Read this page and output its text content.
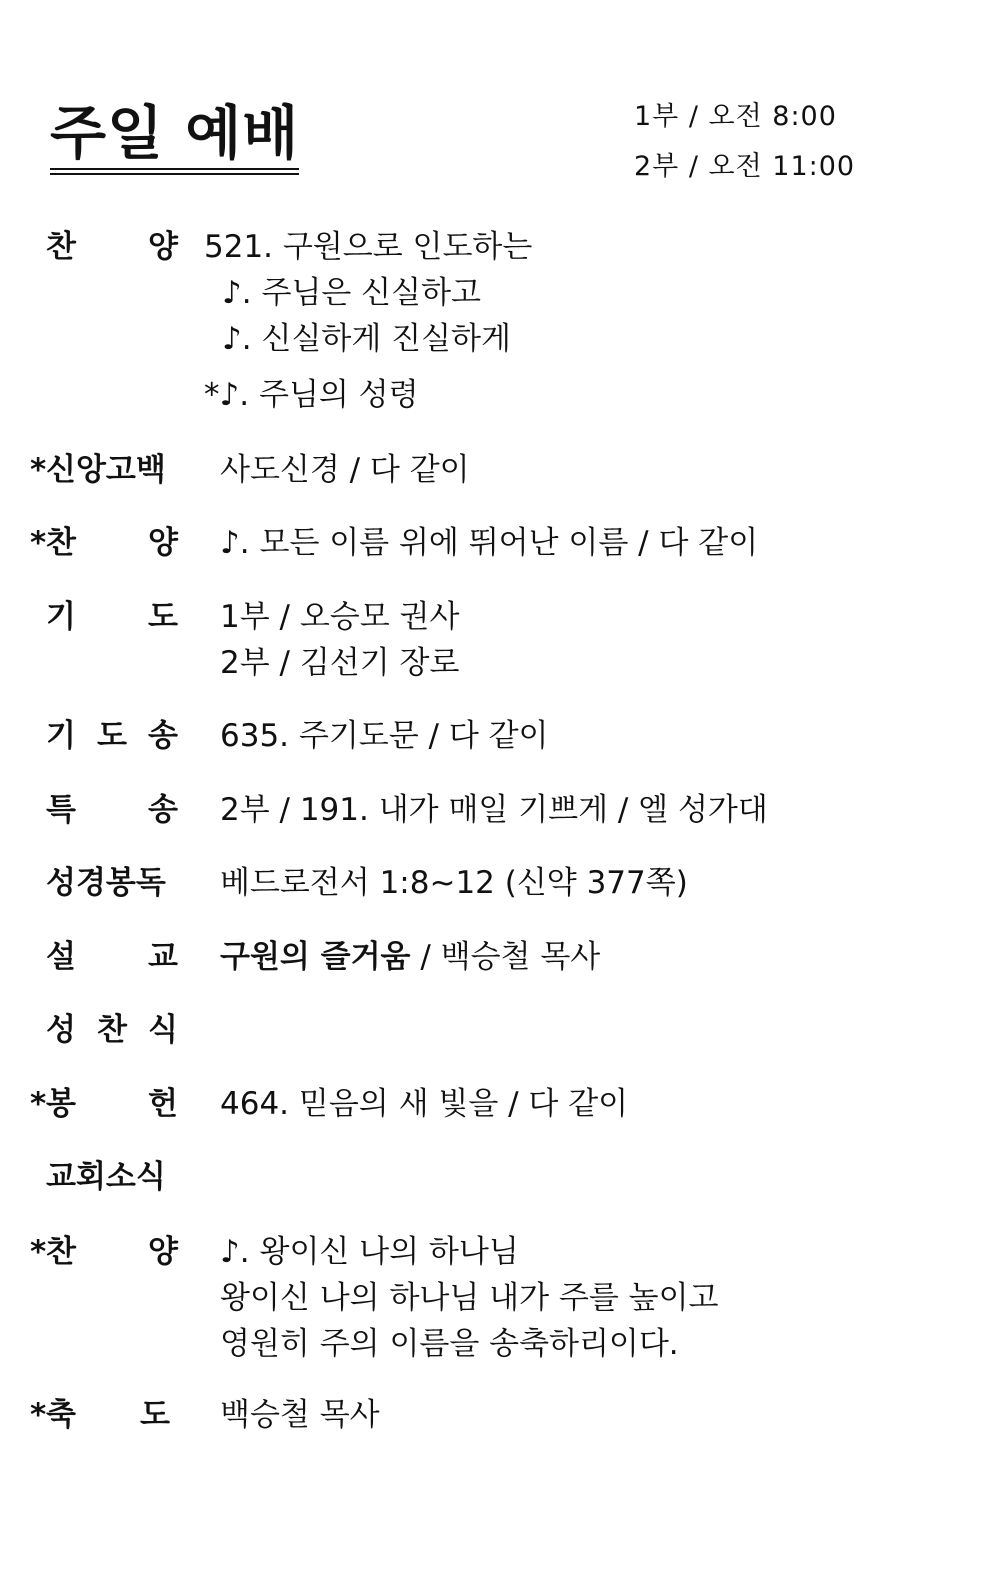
주일 예배	1부 / 오전 8:00
2부 / 오전 11:00
찬 양 521. 구원으로 인도하는
♪. 주님은 신실하고
♪. 신실하게 진실하게
*♪. 주님의 성령
* 신앙고백 사도신경 / 다 같이
* 찬 양 ♪. 모든 이름 위에 뛰어난 이름 / 다 같이
기 도 1부 / 오승모 권사
2부 / 김선기 장로
기 도 송 635. 주기도문 / 다 같이
특 송 2부 / 191. 내가 매일 기쁘게 / 엘 성가대
성경봉독 베드로전서 1:8~12 (신약 377쪽)
설 교 구원의 즐거움 / 백승철 목사
성 찬 식
* 봉 헌 464. 믿음의 새 빛을 / 다 같이
교회소식
* 찬 양 ♪. 왕이신 나의 하나님
왕이신 나의 하나님 내가 주를 높이고
영원히 주의 이름을 송축하리이다.
* 축 도 백승철 목사
